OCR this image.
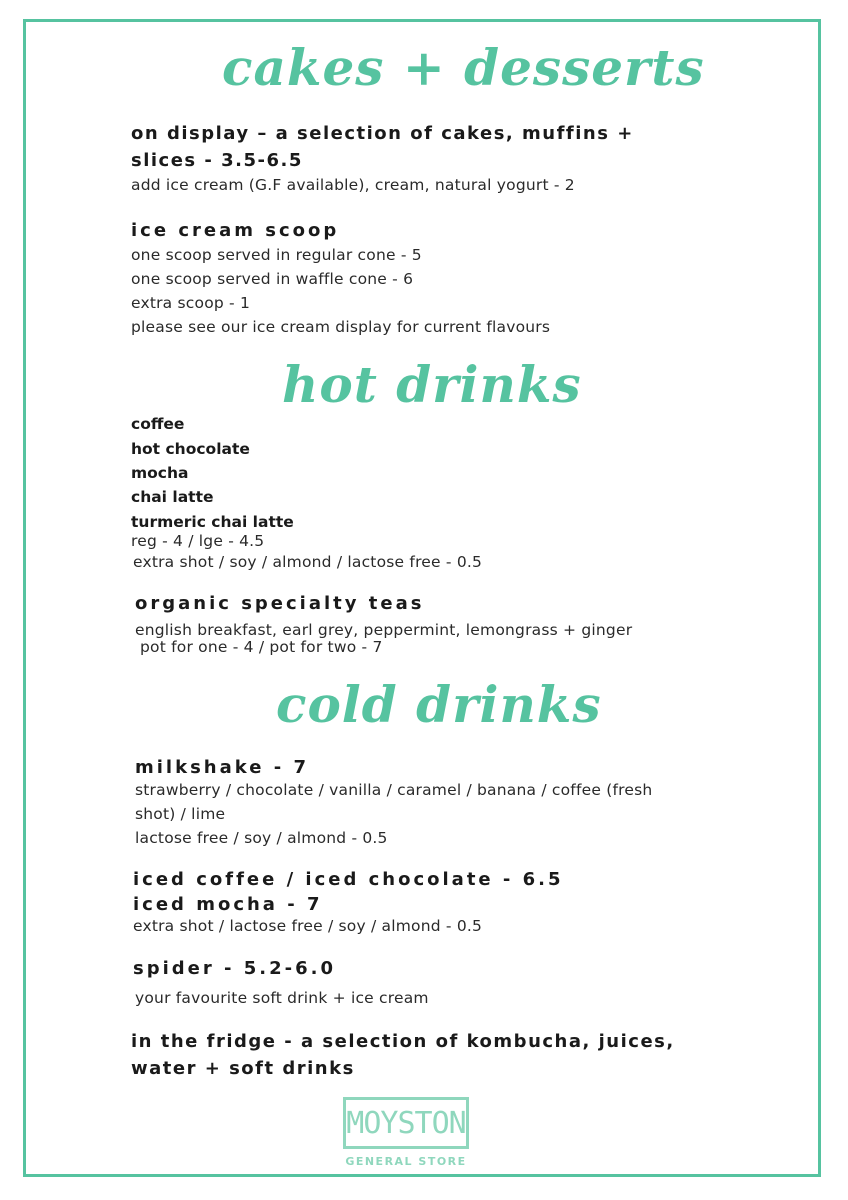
cakes + desserts
on display – a selection of cakes, muffins +
slices - 3.5-6.5
add ice cream (G.F available), cream, natural yogurt - 2
ice cream scoop
one scoop served in regular cone - 5
one scoop served in waffle cone - 6
extra scoop - 1
please see our ice cream display for current flavours
hot drinks
coffee
hot chocolate
mocha
chai latte
turmeric chai latte
reg - 4 / lge - 4.5
extra shot / soy / almond / lactose free - 0.5
organic specialty teas
english breakfast, earl grey, peppermint, lemongrass + ginger
pot for one - 4 / pot for two - 7
cold drinks
milkshake - 7
strawberry / chocolate / vanilla / caramel / banana / coffee (fresh
shot) / lime
lactose free / soy / almond - 0.5
iced coffee / iced chocolate - 6.5
iced mocha - 7
extra shot / lactose free / soy / almond - 0.5
spider - 5.2-6.0
your favourite soft drink + ice cream
in the fridge - a selection of kombucha, juices,
water + soft drinks
MOYSTON
GENERAL STORE
